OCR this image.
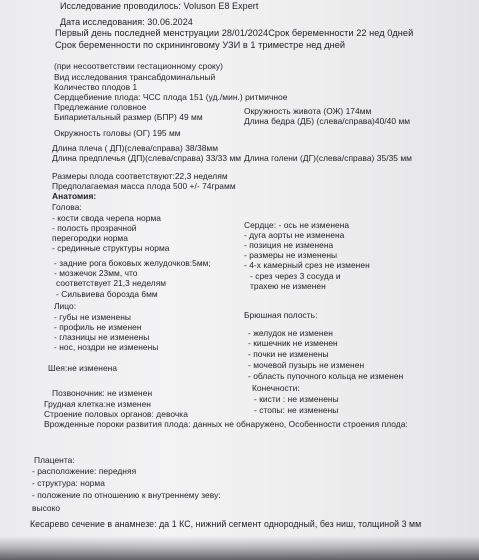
Исследование проводилось: Voluson E8 Expert
Дата исследования: 30.06.2024
Первый день последней менструации 28/01/2024Срок беременности 22 нед 0дней
Срок беременности по скрининговому УЗИ в 1 триместре нед дней
(при несоответствии гестационному сроку)
Вид исследования трансабдоминальный
Количество плодов 1
Сердцебиение плода: ЧСС плода 151 (уд./мин.) ритмичное
Предлежание головное
Бипариетальный размер (БПР) 49 мм
Окружность живота (ОЖ) 174мм
Длина бедра (ДБ) (слева/справа)40/40 мм
Окружность головы (ОГ) 195 мм
Длина плеча ( ДП)(слева/справа) 38/38мм
Длина предплечья (ДП)(слева/справа) 33/33 мм Длина голени (ДГ)(слева/справа) 35/35 мм
Размеры плода соответствуют:22,3 неделям
Предполагаемая масса плода 500 +/- 74грамм
Анатомия:
Голова:
- кости свода черепа норма
- полость прозрачной
перегородки норма
- срединные структуры норма
Сердце: - ось не изменена
- дуга аорты не изменена
- позиция не изменена
- размеры не изменены
- 4-х камерный срез не изменен
- срез через 3 сосуда и
трахею не изменен
- задние рога боковых желудочков:5мм;
- мозжечок 23мм, что
соответствует 21,3 неделям
- Сильвиева борозда 6мм
Лицо:
- губы не изменены
- профиль не изменен
- глазницы не изменены
- нос, ноздри не изменены
Брюшная полость:
- желудок не изменен
- кишечник не изменен
- почки не изменены
- мочевой пузырь не изменен
- область пупочного кольца не изменен
Шея:не изменена
Позвоночник: не изменен
Грудная клетка:не изменен
Строение половых органов: девочка
Конечности:
- кисти : не изменены
- стопы: не изменены
Врожденные пороки развития плода: данных не обнаружено, Особенности строения плода:
Плацента:
- расположение: передняя
- структура: норма
- положение по отношению к внутреннему зеву:
высоко
Кесарево сечение в анамнезе: да 1 КС, нижний сегмент однородный, без ниш, толщиной 3 мм
